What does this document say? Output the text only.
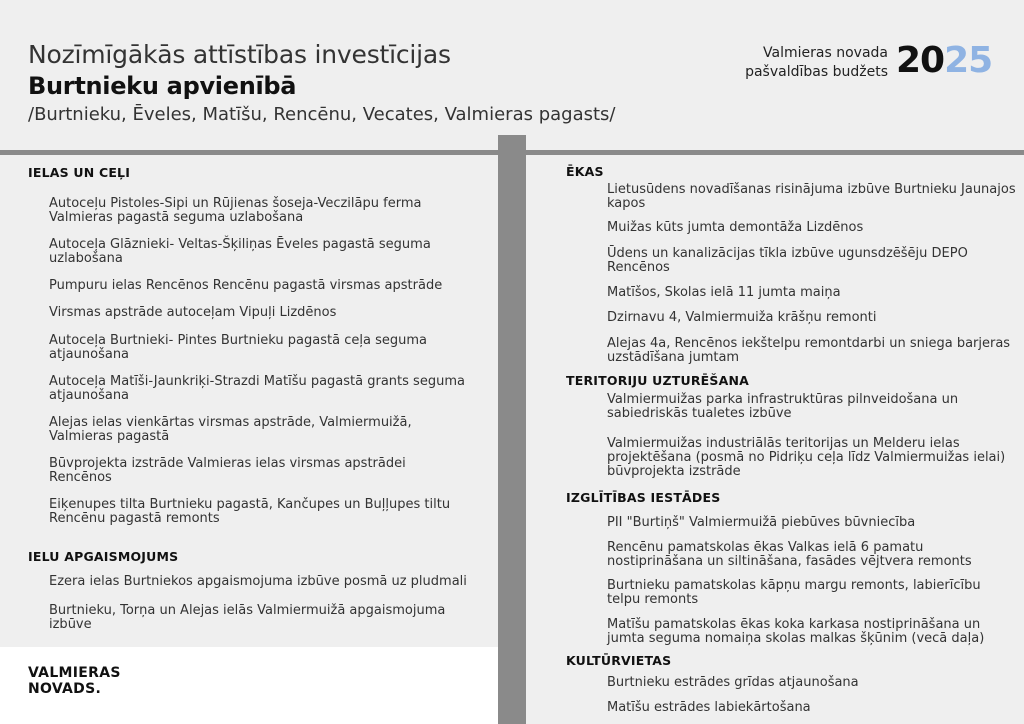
Nozīmīgākās attīstības investīcijas
Burtnieku apvienībā
/Burtnieku, Ēveles, Matīšu, Rencēnu, Vecates, Valmieras pagasts/
Valmieras novada
pašvaldības budžets 2025
IELAS UN CEĻI
Autoceļu Pistoles-Sipi un Rūjienas šoseja-Veczilāpu ferma Valmieras pagastā seguma uzlabošana
Autoceļa Glāznieki- Veltas-Šķiliņas Ēveles pagastā seguma uzlabošana
Pumpuru ielas Rencēnos Rencēnu pagastā virsmas apstrāde
Virsmas apstrāde autoceļam Vipuļi Lizdēnos
Autoceļa Burtnieki- Pintes Burtnieku pagastā ceļa seguma atjaunošana
Autoceļa Matīši-Jaunkriķi-Strazdi Matīšu pagastā grants seguma atjaunošana
Alejas ielas vienkārtas virsmas apstrāde, Valmiermuižā, Valmieras pagastā
Būvprojekta izstrāde Valmieras ielas virsmas apstrādei Rencēnos
Eiķenupes tilta Burtnieku pagastā, Kančupes un Buļļupes tiltu Rencēnu pagastā remonts
IELU APGAISMOJUMS
Ezera ielas Burtniekos apgaismojuma izbūve posmā uz pludmali
Burtnieku, Torņa un Alejas ielās Valmiermuižā apgaismojuma izbūve
VALMIERAS
NOVADS.
ĒKAS
Lietusūdens novadīšanas risinājuma izbūve Burtnieku Jaunajos kapos
Muižas kūts jumta demontāža Lizdēnos
Ūdens un kanalizācijas tīkla izbūve ugunsdzēšēju DEPO Rencēnos
Matīšos, Skolas ielā 11 jumta maiņa
Dzirnavu 4, Valmiermuiža krāšņu remonti
Alejas 4a, Rencēnos iekštelpu remontdarbi un sniega barjeras uzstādīšana jumtam
TERITORIJU UZTURĒŠANA
Valmiermuižas parka infrastruktūras pilnveidošana un sabiedriskās tualetes izbūve
Valmiermuižas industriālās teritorijas un Melderu ielas projektēšana (posmā no Pidriķu ceļa līdz Valmiermuižas ielai) būvprojekta izstrāde
IZGLĪTĪBAS IESTĀDES
PII "Burtiņš" Valmiermuižā piebūves būvniecība
Rencēnu pamatskolas ēkas Valkas ielā 6 pamatu nostiprināšana un siltināšana, fasādes vējtvera remonts
Burtnieku pamatskolas kāpņu margu remonts, labierīcību telpu remonts
Matīšu pamatskolas ēkas koka karkasa nostiprināšana un jumta seguma nomaiņa skolas malkas šķūnim (vecā daļa)
KULTŪRVIETAS
Burtnieku estrādes grīdas atjaunošana
Matīšu estrādes labiekārtošana
